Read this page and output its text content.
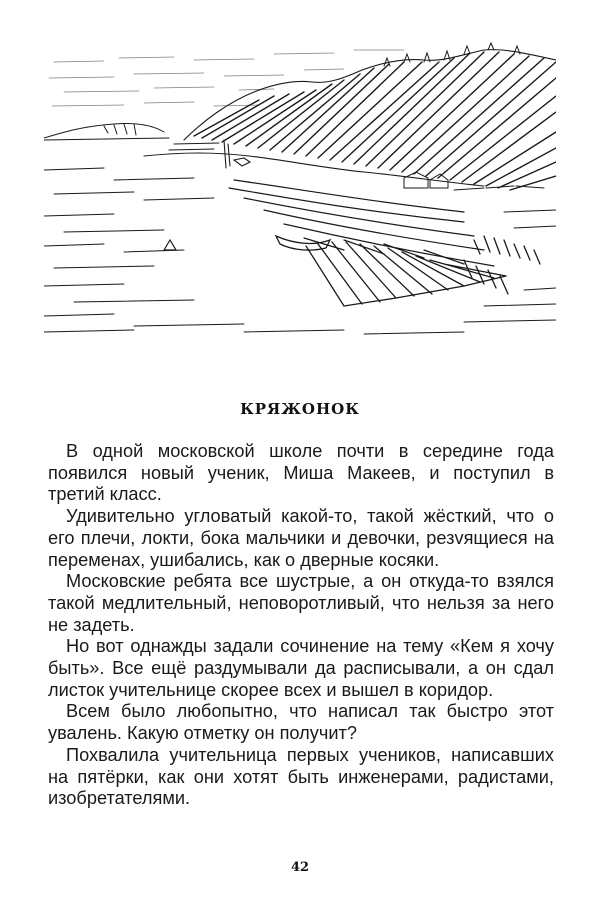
КРЯЖОНОК

В одной московской школе почти в середине года появился новый ученик, Миша Макеев, и поступил в третий класс.

Удивительно угловатый какой-то, такой жёсткий, что о его плечи, локти, бока мальчики и девочки, резvящиеся на переменах, ушибались, как о дверные косяки.

Московские ребята все шустрые, а он откуда-то взялся такой медлительный, неповоротливый, что нельзя за него не задеть.

Но вот однажды задали сочинение на тему «Кем я хочу быть». Все ещё раздумывали да расписывали, а он сдал листок учительнице скорее всех и вышел в коридор.

Всем было любопытно, что написал так быстро этот увалень. Какую отметку он получит?

Похвалила учительница первых учеников, написавших на пятёрки, как они хотят быть инженерами, радистами, изобретателями.

42
